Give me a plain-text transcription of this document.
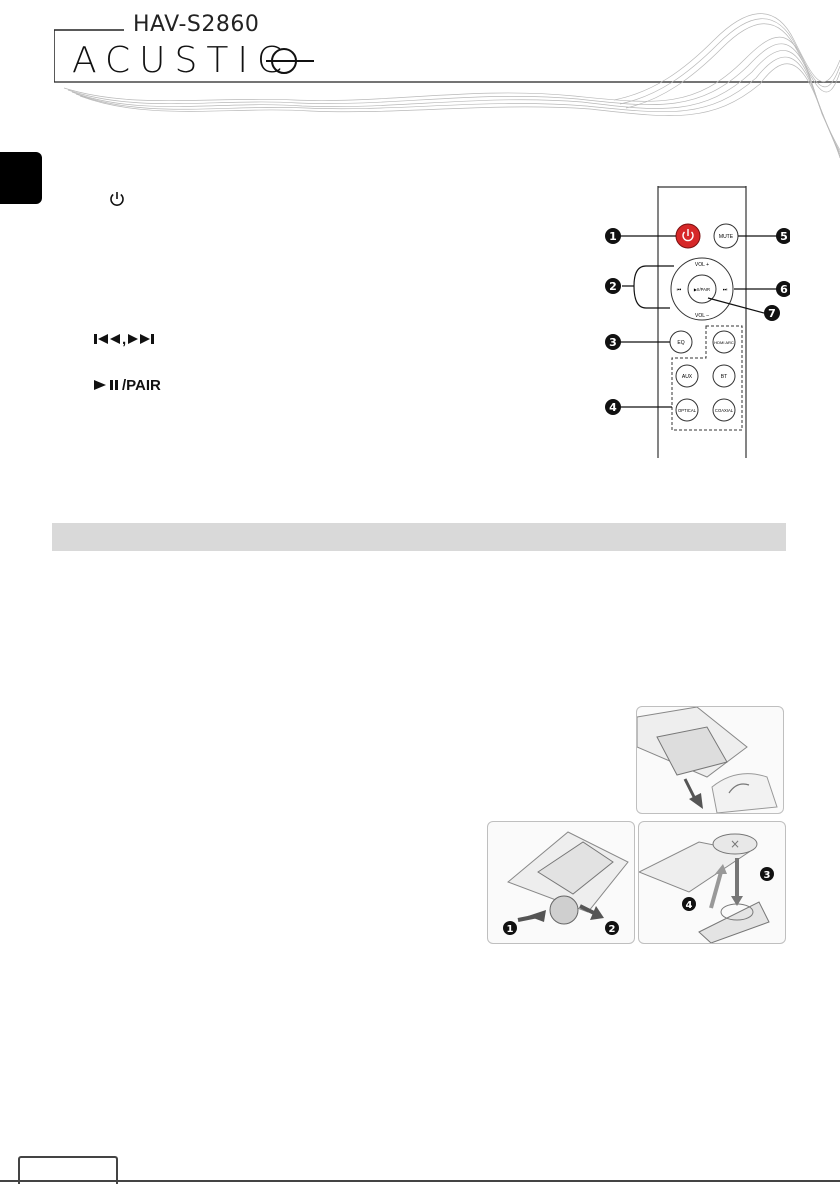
HAV-S2860
ACUSTIC
,
/PAIR
MUTE
▶II/PAIR
VOL +
VOL –
⏮	⏭
EQ	HDMI ARC
AUX	BT
OPTICAL	COAXIAL
1	5
2	6
7
3
4
1	2
×
3
4
